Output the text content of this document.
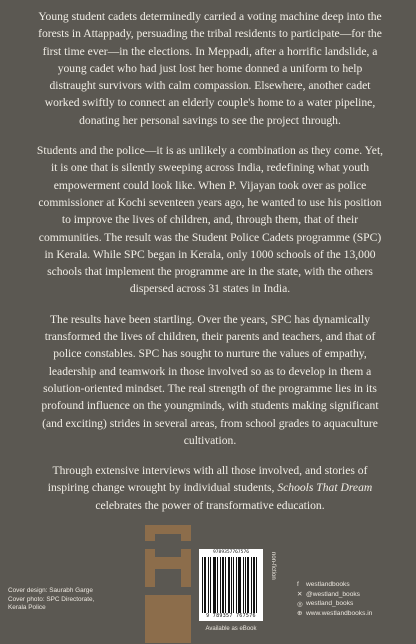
Young student cadets determinedly carried a voting machine deep into the forests in Attappady, persuading the tribal residents to participate—for the first time ever—in the elections. In Meppadi, after a horrific landslide, a young cadet who had just lost her home donned a uniform to help distraught survivors with calm compassion. Elsewhere, another cadet worked swiftly to connect an elderly couple's home to a water pipeline, donating her personal savings to see the project through.

Students and the police—it is as unlikely a combination as they come. Yet, it is one that is silently sweeping across India, redefining what youth empowerment could look like. When P. Vijayan took over as police commissioner at Kochi seventeen years ago, he wanted to use his position to improve the lives of children, and, through them, that of their communities. The result was the Student Police Cadets programme (SPC) in Kerala. While SPC began in Kerala, only 1000 schools of the 13,000 schools that implement the programme are in the state, with the others dispersed across 31 states in India.

The results have been startling. Over the years, SPC has dynamically transformed the lives of children, their parents and teachers, and that of police constables. SPC has sought to nurture the values of empathy, leadership and teamwork in those involved so as to develop in them a solution-oriented mindset. The real strength of the programme lies in its profound influence on the youngminds, with students making significant (and exciting) strides in several areas, from school grades to aquaculture cultivation.

Through extensive interviews with all those involved, and stories of inspiring change wrought by individual students, Schools That Dream celebrates the power of transformative education.

Cover design: Saurabh Garge
Cover photo: SPC Directorate,
Kerala Police
9789357767576
9 789357 767576
non-fiction
Available as eBook
f	westlandbooks
✕ @westland_books
◎ westland_books
⊕ www.westlandbooks.in
